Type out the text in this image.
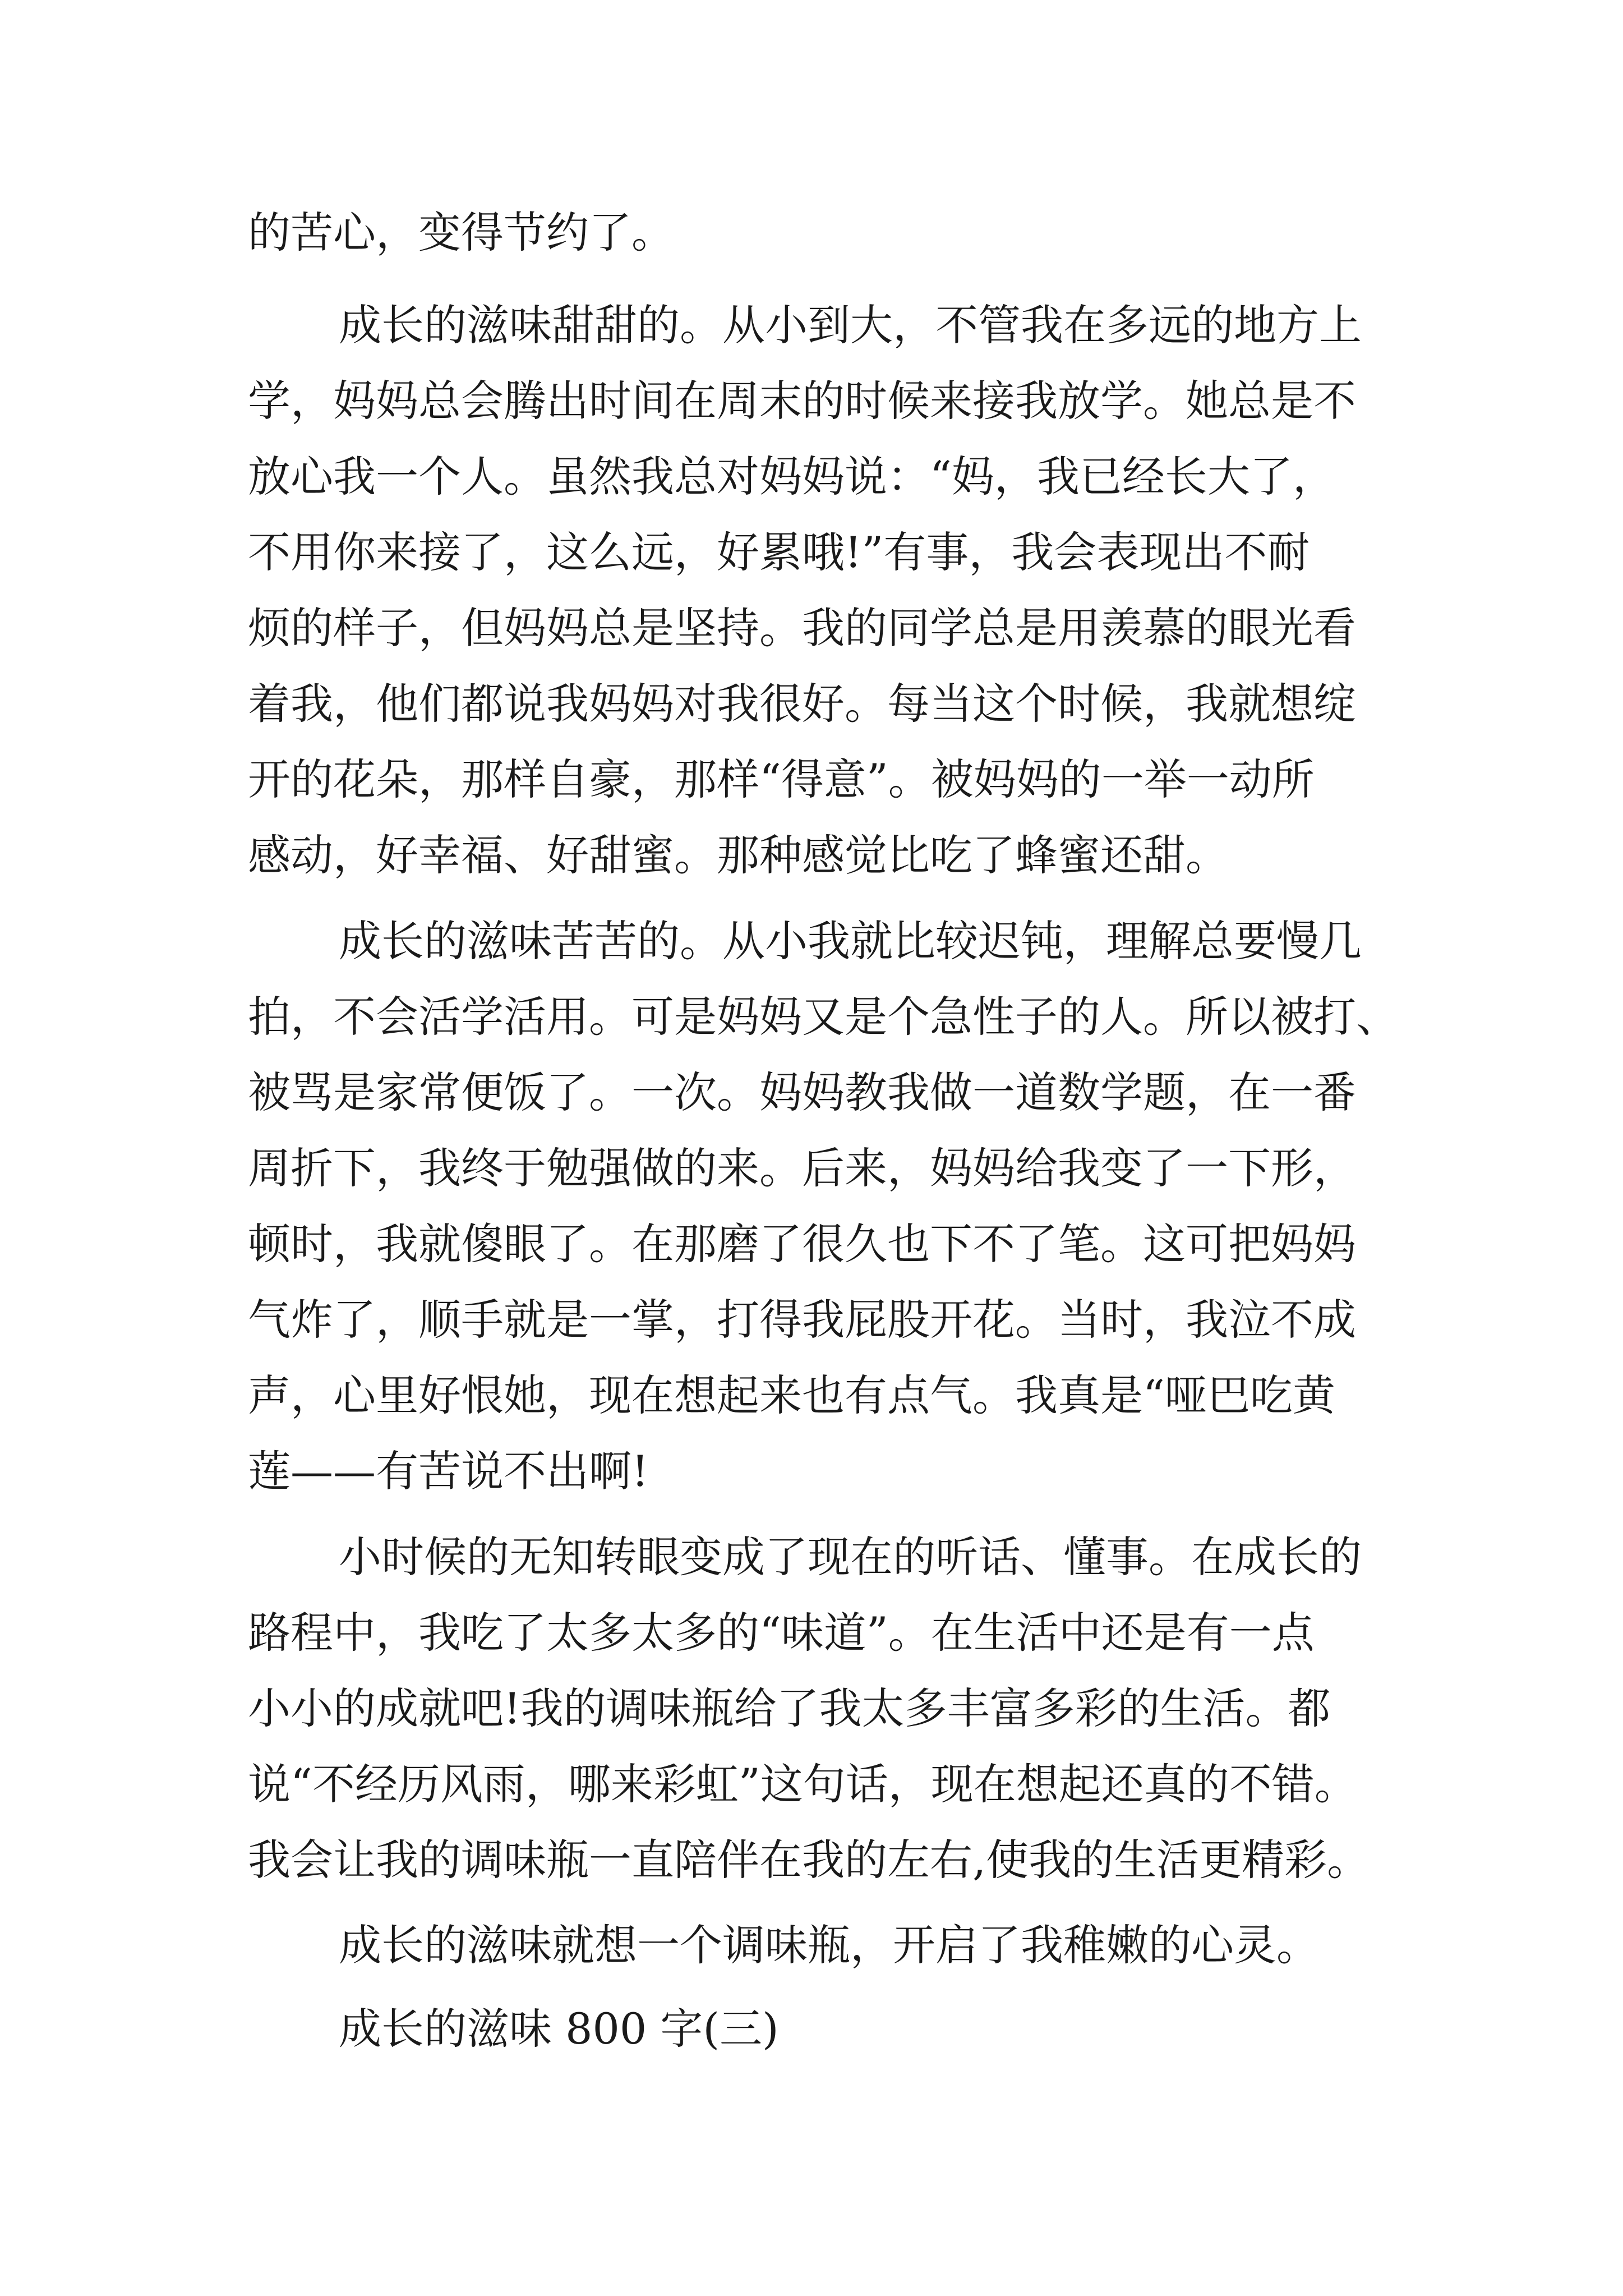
的苦心，变得节约了。
成长的滋味甜甜的。从小到大，不管我在多远的地方上
学，妈妈总会腾出时间在周末的时候来接我放学。她总是不
放心我一个人。虽然我总对妈妈说：“妈，我已经长大了，
不用你来接了，这么远，好累哦!”有事，我会表现出不耐
烦的样子，但妈妈总是坚持。我的同学总是用羡慕的眼光看
着我，他们都说我妈妈对我很好。每当这个时候，我就想绽
开的花朵，那样自豪，那样“得意”。被妈妈的一举一动所
感动，好幸福、好甜蜜。那种感觉比吃了蜂蜜还甜。
成长的滋味苦苦的。从小我就比较迟钝，理解总要慢几
拍，不会活学活用。可是妈妈又是个急性子的人。所以被打、
被骂是家常便饭了。一次。妈妈教我做一道数学题，在一番
周折下，我终于勉强做的来。后来，妈妈给我变了一下形，
顿时，我就傻眼了。在那磨了很久也下不了笔。这可把妈妈
气炸了，顺手就是一掌，打得我屁股开花。当时，我泣不成
声，心里好恨她，现在想起来也有点气。我真是“哑巴吃黄
莲——有苦说不出啊!
小时候的无知转眼变成了现在的听话、懂事。在成长的
路程中，我吃了太多太多的“味道”。在生活中还是有一点
小小的成就吧!我的调味瓶给了我太多丰富多彩的生活。都
说“不经历风雨，哪来彩虹”这句话，现在想起还真的不错。
我会让我的调味瓶一直陪伴在我的左右,使我的生活更精彩。
成长的滋味就想一个调味瓶，开启了我稚嫩的心灵。
成长的滋味 800 字(三)
